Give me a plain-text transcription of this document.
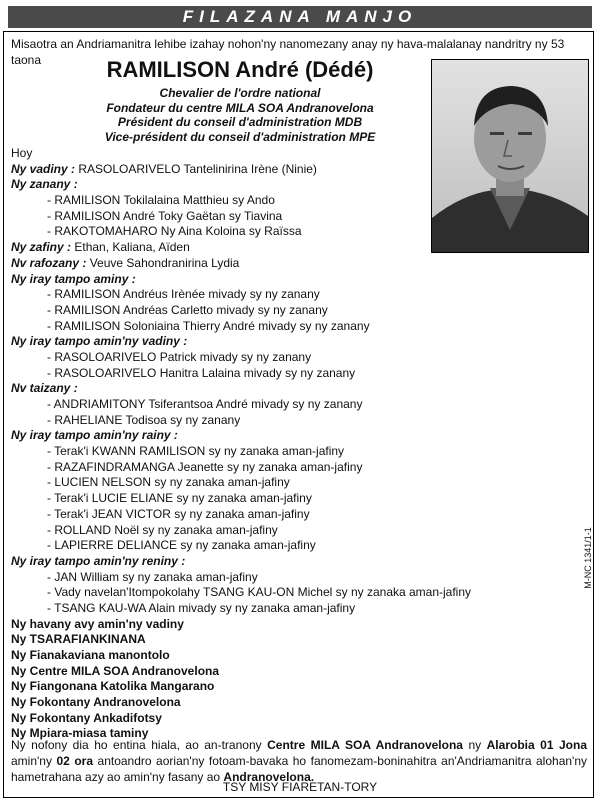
FILAZANA MANJO
Misaotra an Andriamanitra lehibe izahay nohon'ny nanomezany anay ny hava-malalanay nandritry ny 53 taona	RAMILISON André (Dédé)
Chevalier de l'ordre national
Fondateur du centre MILA SOA Andranovelona
Président du conseil d'administration MDB
Vice-président du conseil d'administration MPE
Hoy
Ny vadiny : RASOLOARIVELO Tantelinirina Irène (Ninie)
Ny zanany :
- RAMILISON Tokilalaina Matthieu sy Ando
- RAMILISON André Toky Gaëtan sy Tiavina
- RAKOTOMAHARO Ny Aina Koloina sy Raïssa
Ny zafiny : Ethan, Kaliana, Aïden
Nv rafozany : Veuve Sahondranirina Lydia
Ny iray tampo aminy :
- RAMILISON Andréus Irènée mivady sy ny zanany
- RAMILISON Andréas Carletto mivady sy ny zanany
- RAMILISON Soloniaina Thierry André mivady sy ny zanany
Ny iray tampo amin'ny vadiny :
- RASOLOARIVELO Patrick mivady sy ny zanany
- RASOLOARIVELO Hanitra Lalaina mivady sy ny zanany
Nv taizany :
- ANDRIAMITONY Tsiferantsoa André mivady sy ny zanany
- RAHELIANE Todisoa sy ny zanany
Ny iray tampo amin'ny rainy :
- Terak'i KWANN RAMILISON sy ny zanaka aman-jafiny
- RAZAFINDRAMANGA Jeanette sy ny zanaka aman-jafiny
- LUCIEN NELSON sy ny zanaka aman-jafiny
- Terak'i LUCIE ELIANE sy ny zanaka aman-jafiny
- Terak'i JEAN VICTOR sy ny zanaka aman-jafiny
- ROLLAND Noël sy ny zanaka aman-jafiny
- LAPIERRE DELIANCE sy ny zanaka aman-jafiny
Ny iray tampo amin'ny reniny :
- JAN William sy ny zanaka aman-jafiny
- Vady navelan'Itompokolahy TSANG KAU-ON Michel sy ny zanaka aman-jafiny
- TSANG KAU-WA Alain mivady sy ny zanaka aman-jafiny
Ny havany avy amin'ny vadiny
Ny TSARAFIANKINANA
Ny Fianakaviana manontolo
Ny Centre MILA SOA Andranovelona
Ny Fiangonana Katolika Mangarano
Ny Fokontany Andranovelona
Ny Fokontany Ankadifotsy
Ny Mpiara-miasa taminy
Ny nofony dia ho entina hiala, ao an-tranony Centre MILA SOA Andranovelona ny Alarobia 01 Jona amin'ny 02 ora antoandro aorian'ny fotoam-bavaka ho fanomezam-boninahitra an'Andriamanitra alohan'ny hametrahana azy ao amin'ny fasany ao Andranovelona.
TSY MISY FIARETAN-TORY
M-NC 1341/1-1
